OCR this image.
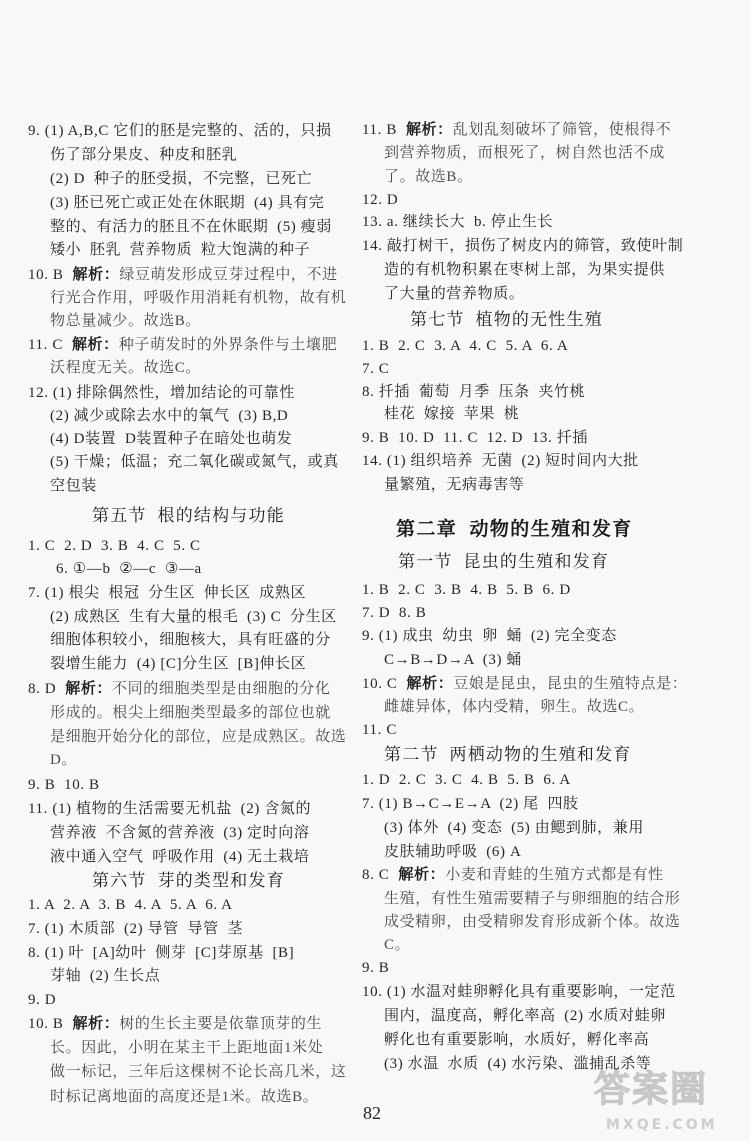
9. (1) A,B,C 它们的胚是完整的、活的，只损
伤了部分果皮、种皮和胚乳
(2) D  种子的胚受损，不完整，已死亡
(3) 胚已死亡或正处在休眠期  (4) 具有完
整的、有活力的胚且不在休眠期  (5) 瘦弱
矮小  胚乳  营养物质  粒大饱满的种子
10. B 解析：绿豆萌发形成豆芽过程中，不进
行光合作用，呼吸作用消耗有机物，故有机
物总量减少。故选B。
11. C 解析：种子萌发时的外界条件与土壤肥
沃程度无关。故选C。
12. (1) 排除偶然性，增加结论的可靠性
(2) 减少或除去水中的氧气  (3) B,D
(4) D装置  D装置种子在暗处也萌发
(5) 干燥；低温；充二氧化碳或氮气，或真
空包装
第五节  根的结构与功能
1. C  2. D  3. B  4. C  5. C
6. ①—b  ②—c  ③—a
7. (1) 根尖  根冠  分生区  伸长区  成熟区
(2) 成熟区  生有大量的根毛  (3) C  分生区
细胞体积较小，细胞核大，具有旺盛的分
裂增生能力  (4) [C]分生区  [B]伸长区
8. D 解析：不同的细胞类型是由细胞的分化
形成的。根尖上细胞类型最多的部位也就
是细胞开始分化的部位，应是成熟区。故选
D。
9. B  10. B
11. (1) 植物的生活需要无机盐  (2) 含氮的
营养液  不含氮的营养液  (3) 定时向溶
液中通入空气  呼吸作用  (4) 无土栽培
第六节  芽的类型和发育
1. A  2. A  3. B  4. A  5. A  6. A
7. (1) 木质部  (2) 导管  导管  茎
8. (1) 叶  [A]幼叶  侧芽  [C]芽原基  [B]
芽轴  (2) 生长点
9. D
10. B 解析：树的生长主要是依靠顶芽的生
长。因此，小明在某主干上距地面1米处
做一标记，三年后这棵树不论长高几米，这
时标记离地面的高度还是1米。故选B。
11. B 解析：乱划乱刻破坏了筛管，使根得不
到营养物质，而根死了，树自然也活不成
了。故选B。
12. D
13. a. 继续长大  b. 停止生长
14. 敲打树干，损伤了树皮内的筛管，致使叶制
造的有机物积累在枣树上部，为果实提供
了大量的营养物质。
第七节  植物的无性生殖
1. B  2. C  3. A  4. C  5. A  6. A
7. C
8. 扦插  葡萄  月季  压条  夹竹桃
桂花  嫁接  苹果  桃
9. B  10. D  11. C  12. D  13. 扦插
14. (1) 组织培养  无菌  (2) 短时间内大批
量繁殖，无病毒害等
第二章  动物的生殖和发育
第一节  昆虫的生殖和发育
1. B  2. C  3. B  4. B  5. B  6. D
7. D  8. B
9. (1) 成虫  幼虫  卵  蛹  (2) 完全变态
C→B→D→A  (3) 蛹
10. C 解析：豆娘是昆虫，昆虫的生殖特点是：
雌雄异体，体内受精，卵生。故选C。
11. C
第二节  两栖动物的生殖和发育
1. D  2. C  3. C  4. B  5. B  6. A
7. (1) B→C→E→A  (2) 尾  四肢
(3) 体外  (4) 变态  (5) 由鳃到肺，兼用
皮肤辅助呼吸  (6) A
8. C 解析：小麦和青蛙的生殖方式都是有性
生殖，有性生殖需要精子与卵细胞的结合形
成受精卵，由受精卵发育形成新个体。故选
C。
9. B
10. (1) 水温对蛙卵孵化具有重要影响，一定范
围内，温度高，孵化率高  (2) 水质对蛙卵
孵化也有重要影响，水质好，孵化率高
(3) 水温  水质  (4) 水污染、滥捕乱杀等
82
答案圈
MXQE.COM
